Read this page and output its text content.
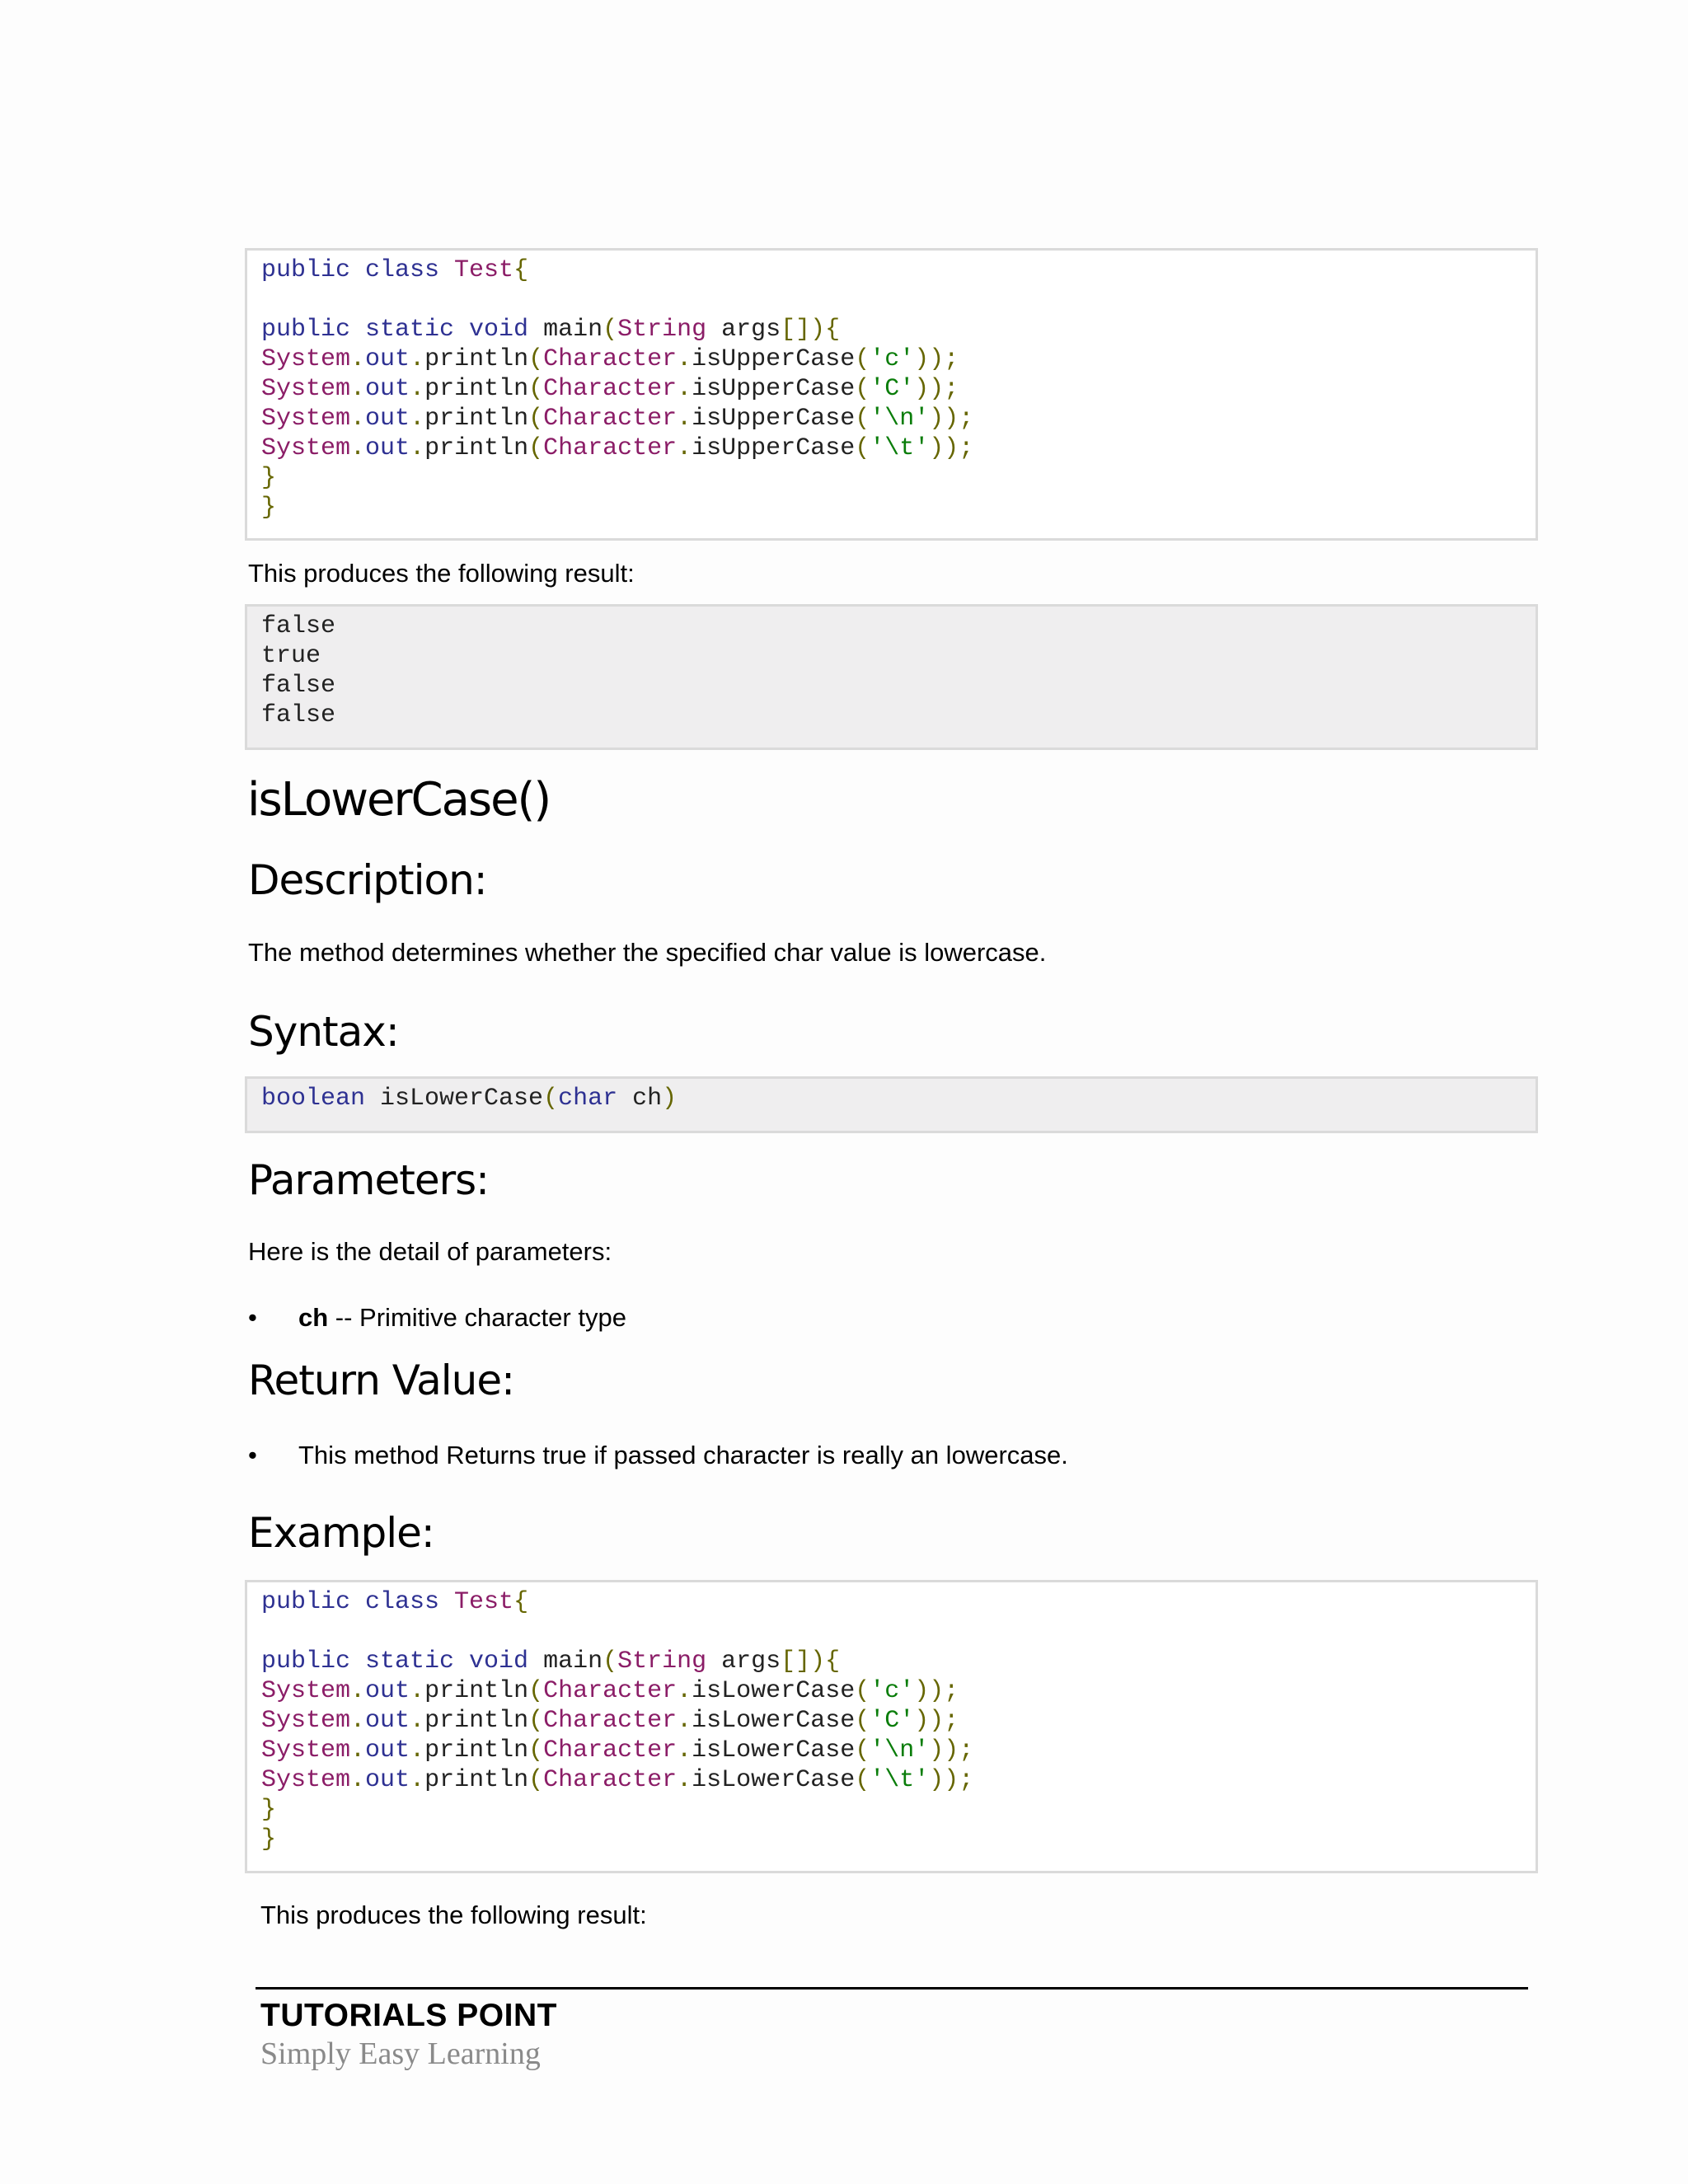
public class Test{
public static void main(String args[]){
System.out.println(Character.isUpperCase('c'));
System.out.println(Character.isUpperCase('C'));
System.out.println(Character.isUpperCase('\n'));
System.out.println(Character.isUpperCase('\t'));
}
}
This produces the following result:
false
true
false
false
isLowerCase()
Description:
The method determines whether the specified char value is lowercase.
Syntax:
boolean isLowerCase(char ch)
Parameters:
Here is the detail of parameters:
•	ch -- Primitive character type
Return Value:
•	This method Returns true if passed character is really an lowercase.
Example:
public class Test{
public static void main(String args[]){
System.out.println(Character.isLowerCase('c'));
System.out.println(Character.isLowerCase('C'));
System.out.println(Character.isLowerCase('\n'));
System.out.println(Character.isLowerCase('\t'));
}
}
This produces the following result:
TUTORIALS POINT
Simply Easy Learning
